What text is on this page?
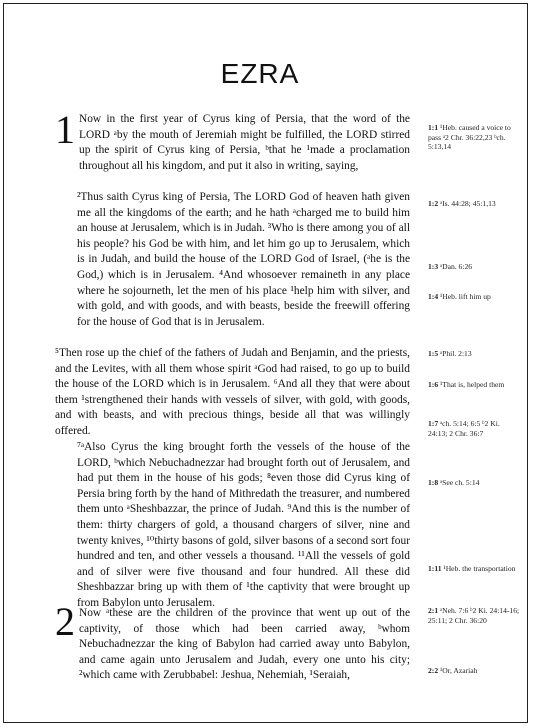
EZRA
1 Now in the first year of Cyrus king of Persia, that the word of the LORD ᵃby the mouth of Jeremiah might be fulfilled, the LORD stirred up the spirit of Cyrus king of Persia, ᵇthat he ¹made a proclamation throughout all his kingdom, and put it also in writing, saying,
²Thus saith Cyrus king of Persia, The LORD God of heaven hath given me all the kingdoms of the earth; and he hath ᵃcharged me to build him an house at Jerusalem, which is in Judah. ³Who is there among you of all his people? his God be with him, and let him go up to Jerusalem, which is in Judah, and build the house of the LORD God of Israel, (ᵃhe is the God,) which is in Jerusalem. ⁴And whosoever remaineth in any place where he sojourneth, let the men of his place ¹help him with silver, and with gold, and with goods, and with beasts, beside the freewill offering for the house of God that is in Jerusalem.
⁵Then rose up the chief of the fathers of Judah and Benjamin, and the priests, and the Levites, with all them whose spirit ᵃGod had raised, to go up to build the house of the LORD which is in Jerusalem. ⁶And all they that were about them ¹strengthened their hands with vessels of silver, with gold, with goods, and with beasts, and with precious things, beside all that was willingly offered.
⁷ᵃAlso Cyrus the king brought forth the vessels of the house of the LORD, ᵇwhich Nebuchadnezzar had brought forth out of Jerusalem, and had put them in the house of his gods; ⁸even those did Cyrus king of Persia bring forth by the hand of Mithredath the treasurer, and numbered them unto ᵃSheshbazzar, the prince of Judah. ⁹And this is the number of them: thirty chargers of gold, a thousand chargers of silver, nine and twenty knives, ¹⁰thirty basons of gold, silver basons of a second sort four hundred and ten, and other vessels a thousand. ¹¹All the vessels of gold and of silver were five thousand and four hundred. All these did Sheshbazzar bring up with them of ¹the captivity that were brought up from Babylon unto Jerusalem.
2 Now ᵃthese are the children of the province that went up out of the captivity, of those which had been carried away, ᵇwhom Nebuchadnezzar the king of Babylon had carried away unto Babylon, and came again unto Jerusalem and Judah, every one unto his city; ²which came with Zerubbabel: Jeshua, Nehemiah, ¹Seraiah,
1:1 ¹Heb. caused a voice to pass ᵃ2 Chr. 36:22,23 ᵇch. 5:13,14
1:2 ᵃIs. 44:28; 45:1,13
1:3 ᵃDan. 6:26
1:4 ¹Heb. lift him up
1:5 ᵃPhil. 2:13
1:6 ¹That is, helped them
1:7 ᵃch. 5:14; 6:5 ᵇ2 Ki. 24:13; 2 Chr. 36:7
1:8 ᵃSee ch. 5:14
1:11 ¹Heb. the transportation
2:1 ᵃNeh. 7:6 ᵇ2 Ki. 24:14-16; 25:11; 2 Chr. 36:20
2:2 ¹Or, Azariah
